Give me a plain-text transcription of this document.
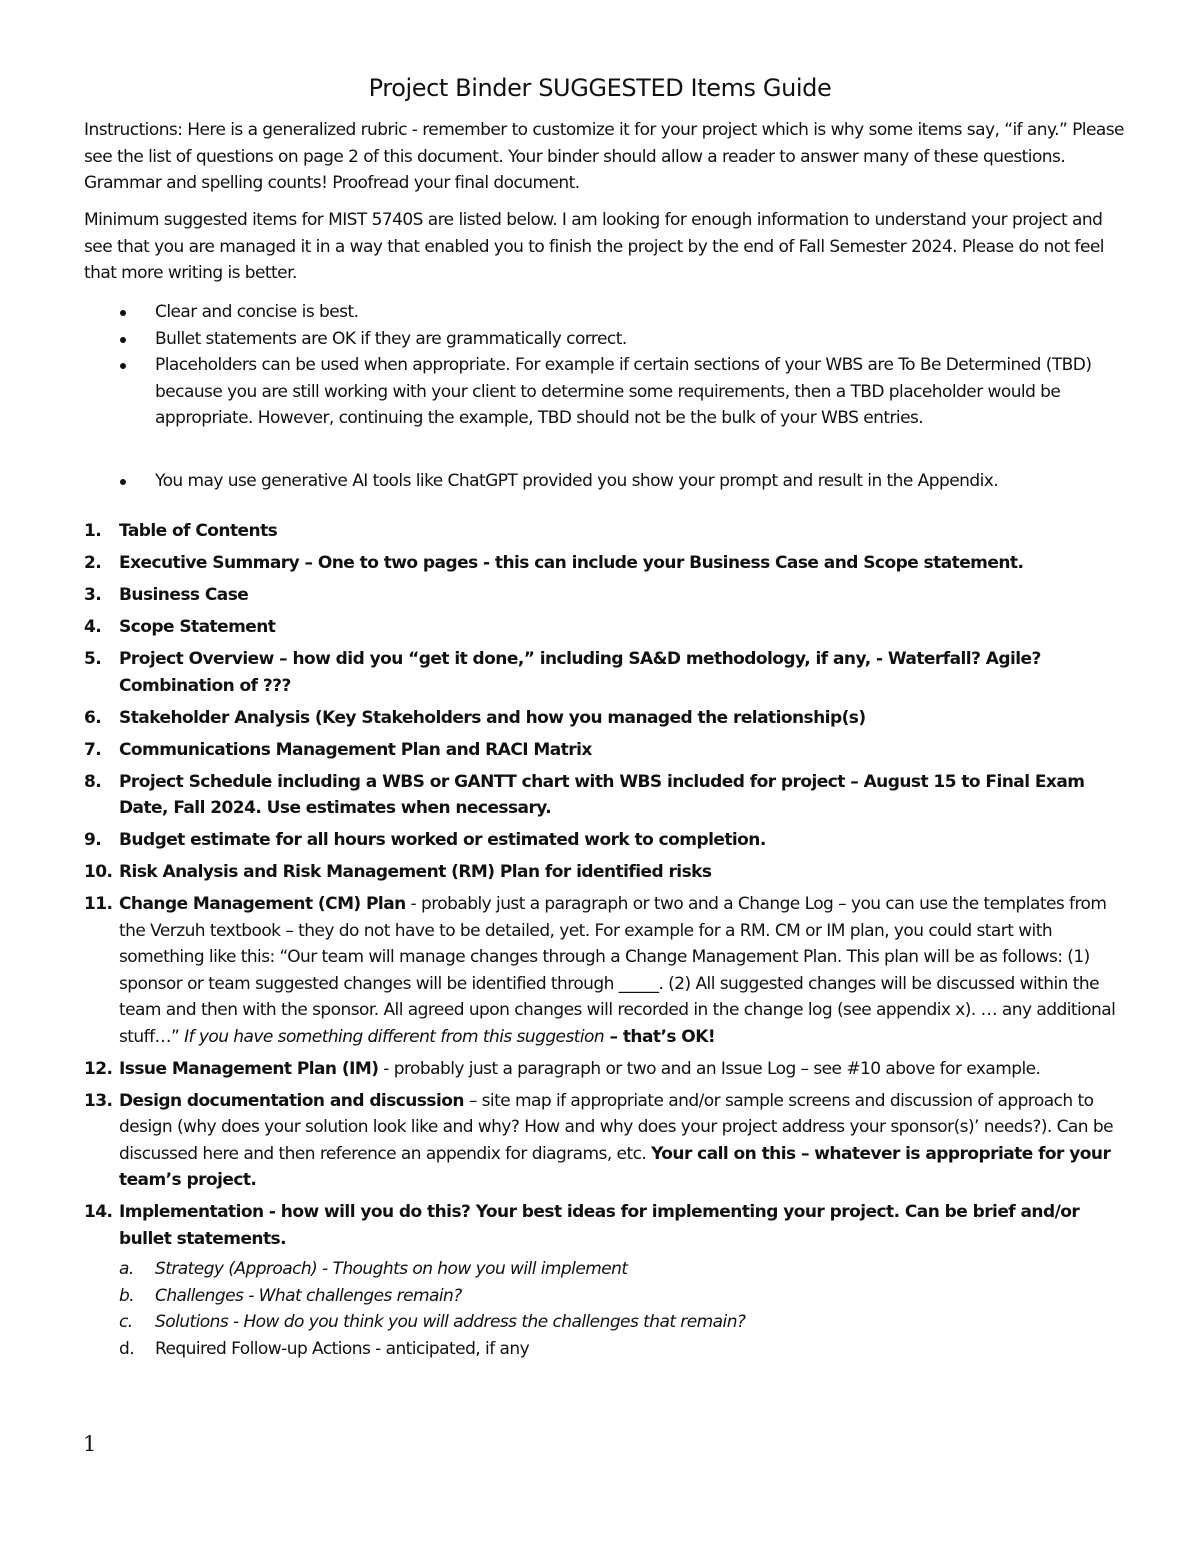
Project Binder SUGGESTED Items Guide

Instructions: Here is a generalized rubric - remember to customize it for your project which is why some items say, “if any.” Please see the list of questions on page 2 of this document. Your binder should allow a reader to answer many of these questions. Grammar and spelling counts! Proofread your final document.

Minimum suggested items for MIST 5740S are listed below. I am looking for enough information to understand your project and see that you are managed it in a way that enabled you to finish the project by the end of Fall Semester 2024. Please do not feel that more writing is better.

Clear and concise is best.
Bullet statements are OK if they are grammatically correct.
Placeholders can be used when appropriate. For example if certain sections of your WBS are To Be Determined (TBD) because you are still working with your client to determine some requirements, then a TBD placeholder would be appropriate. However, continuing the example, TBD should not be the bulk of your WBS entries.
You may use generative AI tools like ChatGPT provided you show your prompt and result in the Appendix.
1. Table of Contents
2. Executive Summary – One to two pages - this can include your Business Case and Scope statement.
3. Business Case
4. Scope Statement
5. Project Overview – how did you “get it done,” including SA&D methodology, if any, - Waterfall? Agile? Combination of ???
6. Stakeholder Analysis (Key Stakeholders and how you managed the relationship(s)
7. Communications Management Plan and RACI Matrix
8. Project Schedule including a WBS or GANTT chart with WBS included for project – August 15 to Final Exam Date, Fall 2024. Use estimates when necessary.
9. Budget estimate for all hours worked or estimated work to completion.
10. Risk Analysis and Risk Management (RM) Plan for identified risks
11. Change Management (CM) Plan - probably just a paragraph or two and a Change Log – you can use the templates from the Verzuh textbook – they do not have to be detailed, yet. For example for a RM. CM or IM plan, you could start with something like this: “Our team will manage changes through a Change Management Plan. This plan will be as follows: (1) sponsor or team suggested changes will be identified through _____. (2) All suggested changes will be discussed within the team and then with the sponsor. All agreed upon changes will recorded in the change log (see appendix x). … any additional stuff…” If you have something different from this suggestion – that’s OK!
12. Issue Management Plan (IM) - probably just a paragraph or two and an Issue Log – see #10 above for example.
13. Design documentation and discussion – site map if appropriate and/or sample screens and discussion of approach to design (why does your solution look like and why? How and why does your project address your sponsor(s)’ needs?). Can be discussed here and then reference an appendix for diagrams, etc. Your call on this – whatever is appropriate for your team’s project.
14. Implementation - how will you do this? Your best ideas for implementing your project. Can be brief and/or bullet statements.
a. Strategy (Approach) - Thoughts on how you will implement
b. Challenges - What challenges remain?
c. Solutions - How do you think you will address the challenges that remain?
d. Required Follow-up Actions - anticipated, if any
1
